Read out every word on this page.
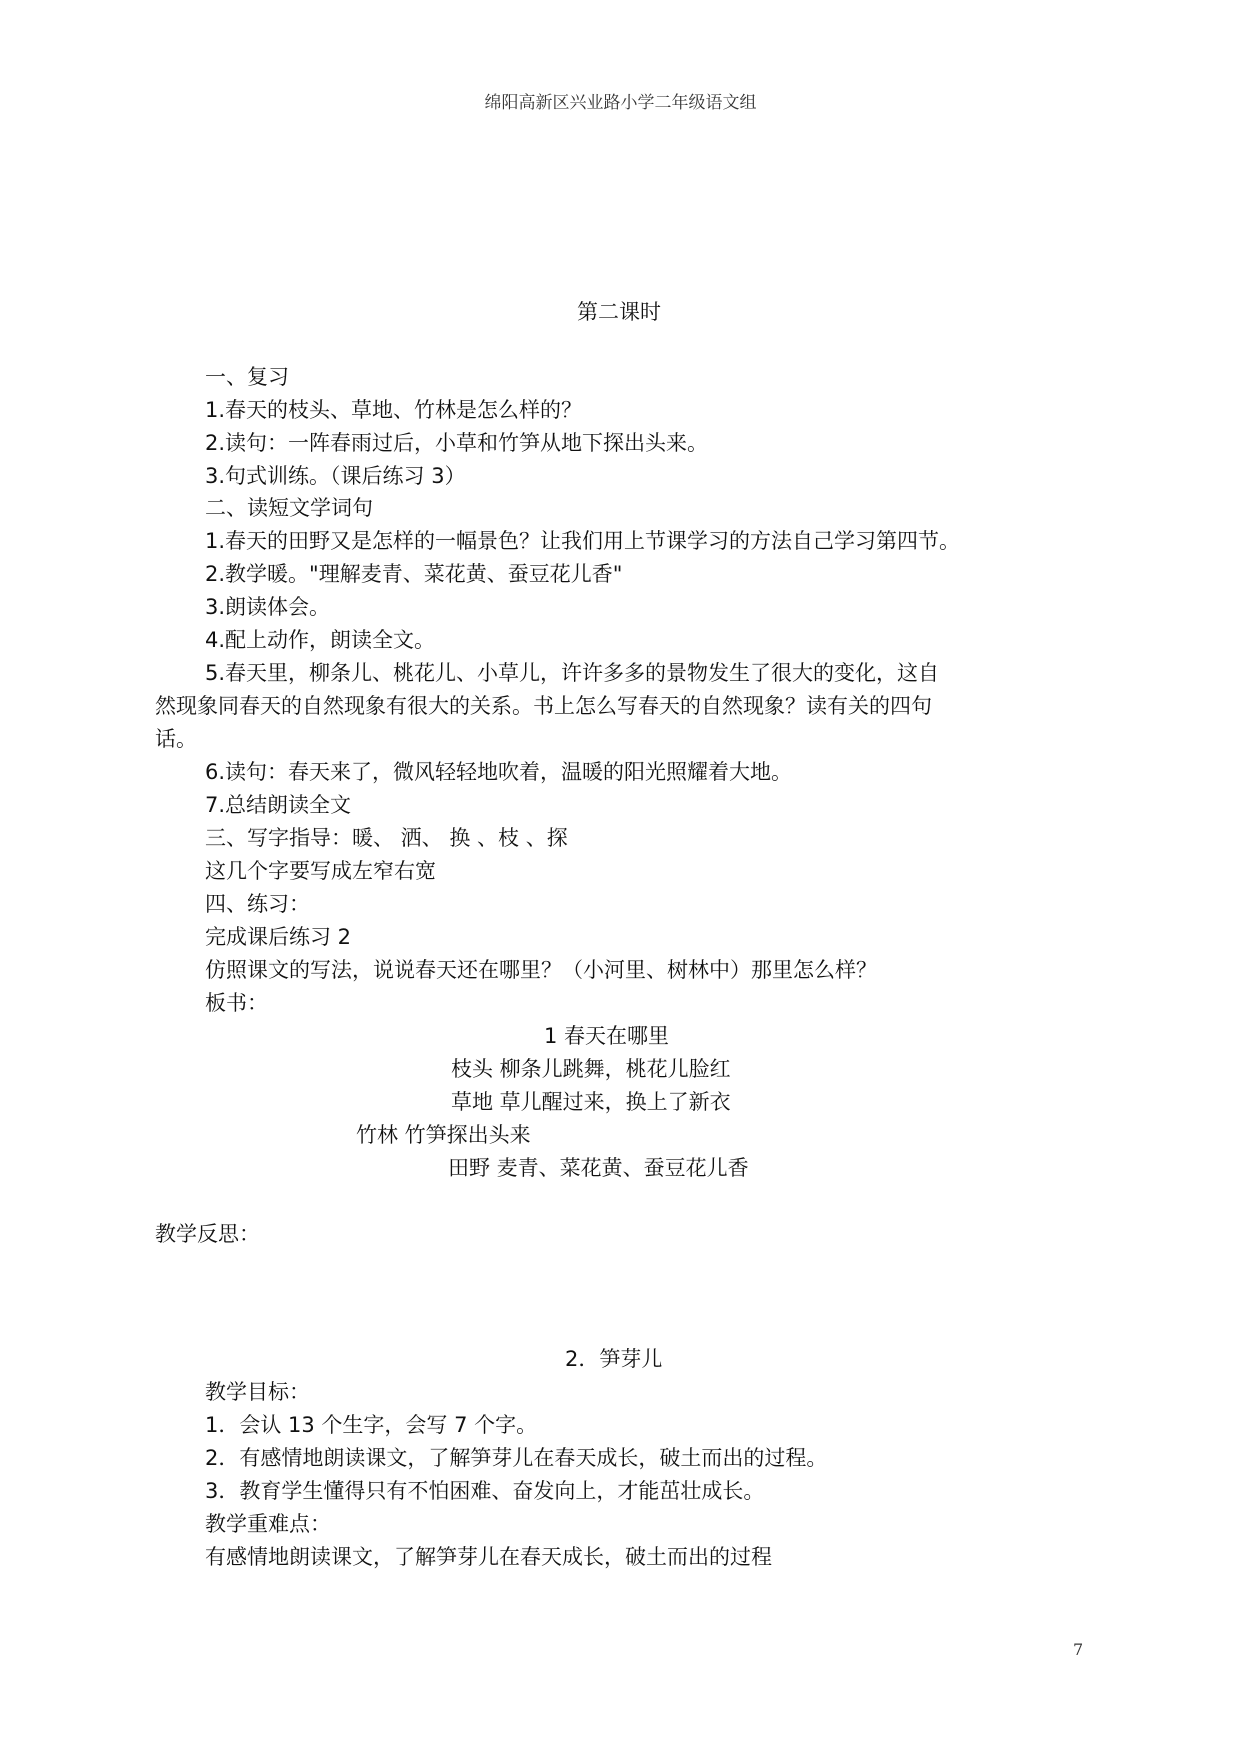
绵阳高新区兴业路小学二年级语文组
第二课时
一、复习
1.春天的枝头、草地、竹林是怎么样的？
2.读句：一阵春雨过后，小草和竹笋从地下探出头来。
3.句式训练。（课后练习 3）
二、读短文学词句
1.春天的田野又是怎样的一幅景色？让我们用上节课学习的方法自己学习第四节。
2.教学暖。"理解麦青、菜花黄、蚕豆花儿香"
3.朗读体会。
4.配上动作，朗读全文。
5.春天里，柳条儿、桃花儿、小草儿，许许多多的景物发生了很大的变化，这自
然现象同春天的自然现象有很大的关系。书上怎么写春天的自然现象？读有关的四句
话。
6.读句：春天来了，微风轻轻地吹着，温暖的阳光照耀着大地。
7.总结朗读全文
三、写字指导：暖、 洒、 换 、枝 、探
这几个字要写成左窄右宽
四、练习：
完成课后练习 2
仿照课文的写法，说说春天还在哪里？（小河里、树林中）那里怎么样？
板书：
1 春天在哪里
枝头 柳条儿跳舞，桃花儿脸红
草地 草儿醒过来，换上了新衣
竹林 竹笋探出头来
田野 麦青、菜花黄、蚕豆花儿香
教学反思：
2．笋芽儿
教学目标：
1．会认 13 个生字，会写 7 个字。
2．有感情地朗读课文，了解笋芽儿在春天成长，破土而出的过程。
3．教育学生懂得只有不怕困难、奋发向上，才能茁壮成长。
教学重难点：
有感情地朗读课文，了解笋芽儿在春天成长，破土而出的过程
7
